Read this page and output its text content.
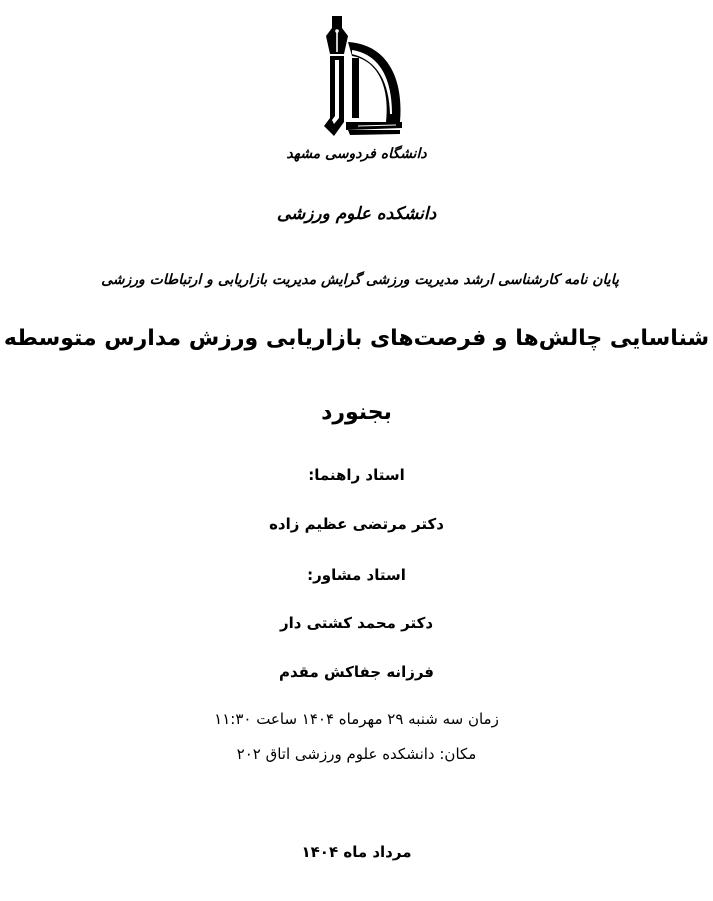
دانشگاه فردوسی مشهد
دانشکده علوم ورزشی
پایان نامه کارشناسی ارشد مدیریت ورزشی گرایش مدیریت بازاریابی و ارتباطات ورزشی
شناسایی چالش‌ها و فرصت‌های بازاریابی ورزش مدارس متوسطه
بجنورد
استاد راهنما:
دکتر مرتضی عظیم زاده
استاد مشاور:
دکتر محمد کشتی دار
فرزانه جفاکش مقدم
زمان سه شنبه ۲۹ مهرماه ۱۴۰۴ ساعت ۱۱:۳۰
مکان: دانشکده علوم ورزشی اتاق ۲۰۲
مرداد ماه ۱۴۰۴
